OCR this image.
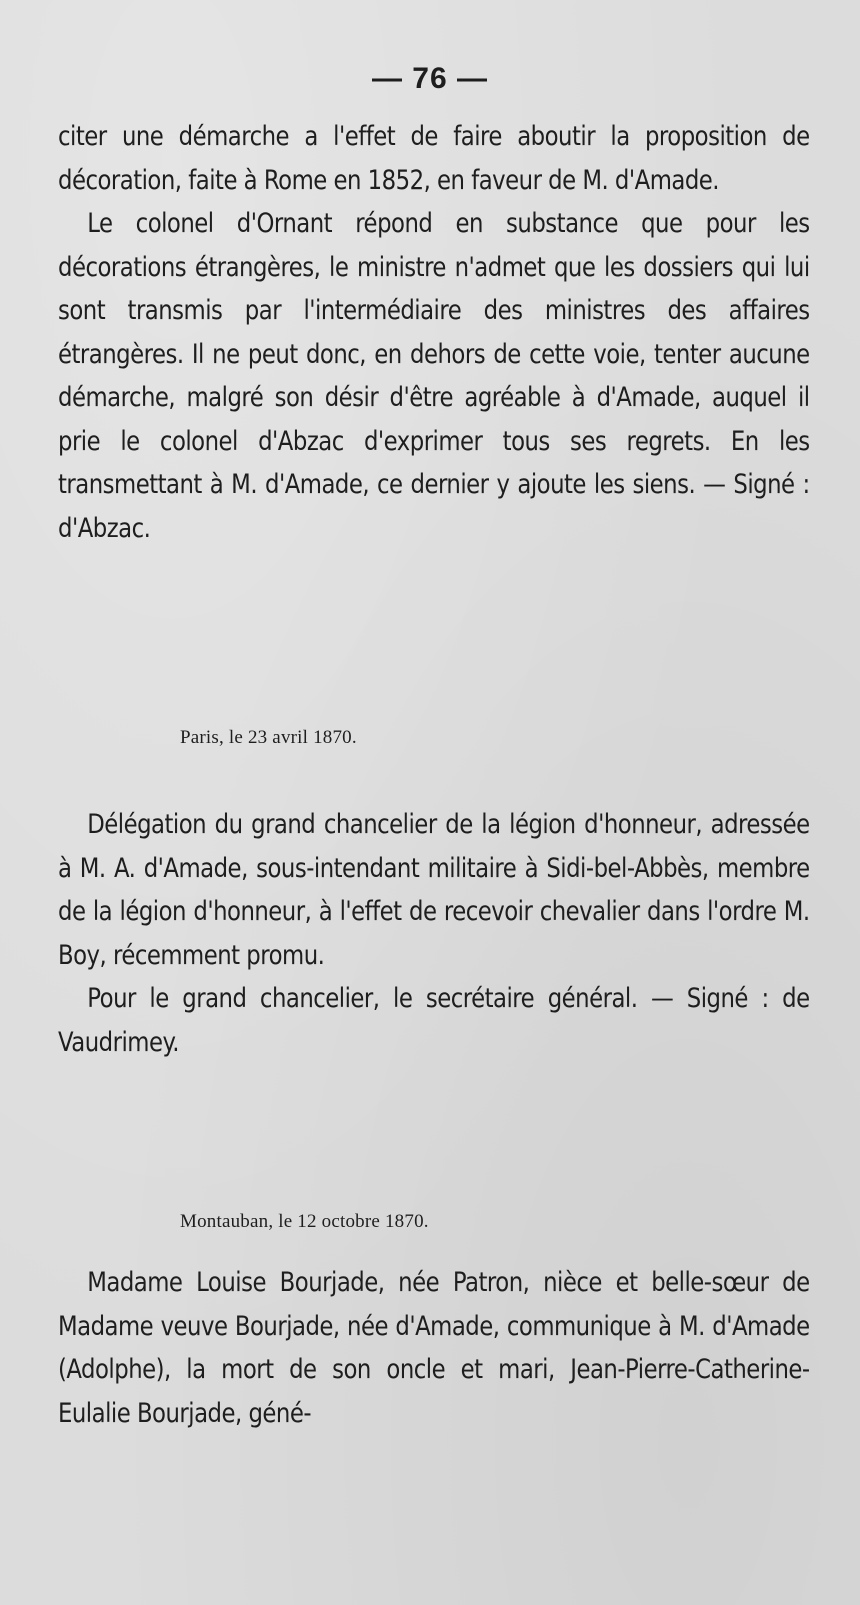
— 76 —

citer une démarche a l'effet de faire aboutir la proposition de décoration, faite à Rome en 1852, en faveur de M. d'Amade.

Le colonel d'Ornant répond en substance que pour les décorations étrangères, le ministre n'admet que les dossiers qui lui sont transmis par l'intermédiaire des ministres des affaires étrangères. Il ne peut donc, en dehors de cette voie, tenter aucune démarche, malgré son désir d'être agréable à d'Amade, auquel il prie le colonel d'Abzac d'exprimer tous ses regrets. En les transmettant à M. d'Amade, ce dernier y ajoute les siens. — Signé : d'Abzac.

Paris, le 23 avril 1870.

Délégation du grand chancelier de la légion d'honneur, adressée à M. A. d'Amade, sous-intendant militaire à Sidi-bel-Abbès, membre de la légion d'honneur, à l'effet de recevoir chevalier dans l'ordre M. Boy, récemment promu.

Pour le grand chancelier, le secrétaire général. — Signé : de Vaudrimey.

Montauban, le 12 octobre 1870.

Madame Louise Bourjade, née Patron, nièce et belle-sœur de Madame veuve Bourjade, née d'Amade, communique à M. d'Amade (Adolphe), la mort de son oncle et mari, Jean-Pierre-Catherine-Eulalie Bourjade, géné-
